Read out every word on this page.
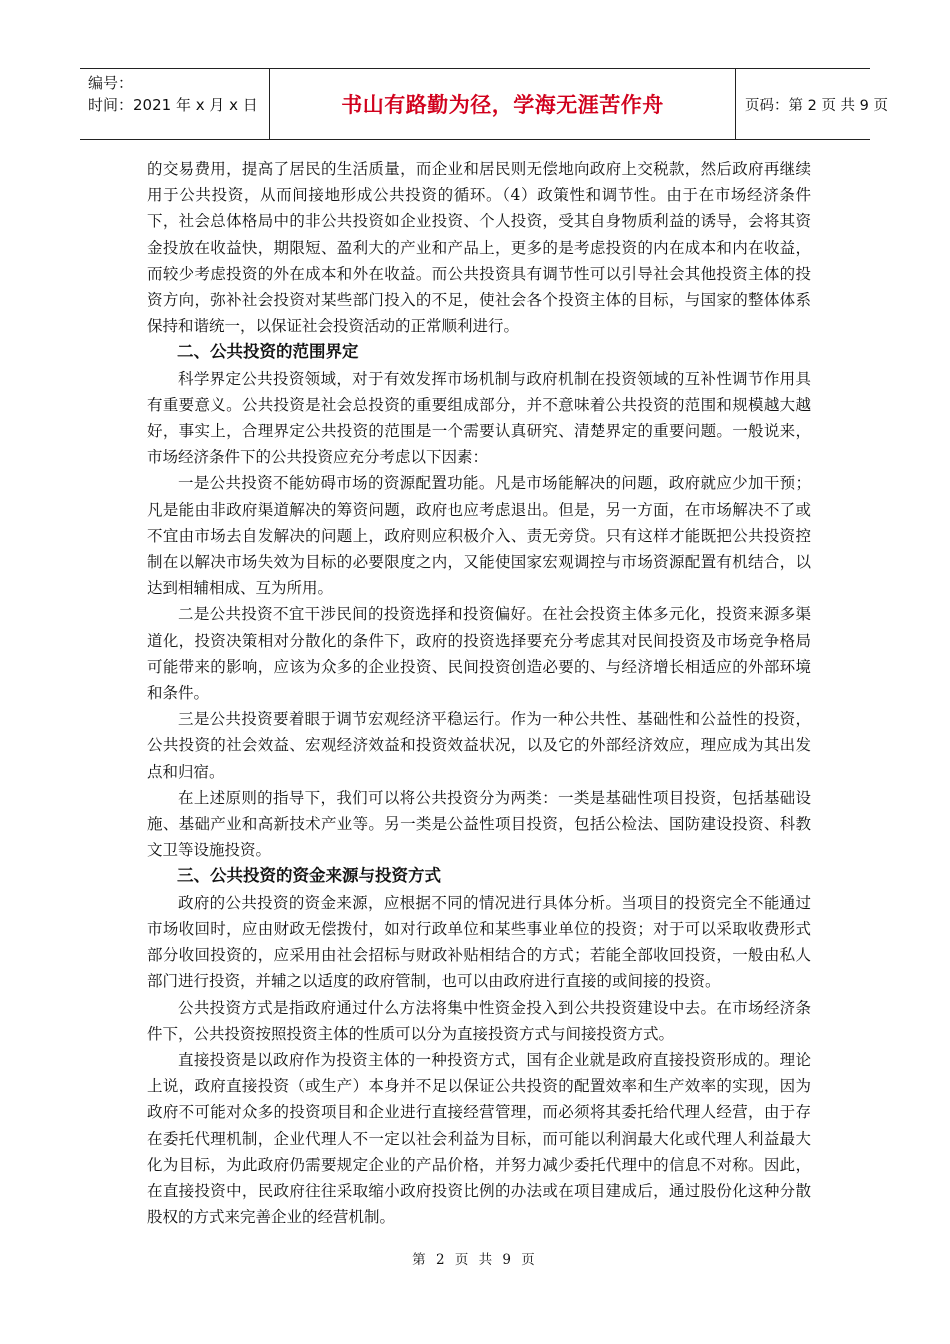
编号：
时间：2021 年 x 月 x 日	书山有路勤为径，学海无涯苦作舟	页码：第 2 页 共 9 页

的交易费用，提高了居民的生活质量，而企业和居民则无偿地向政府上交税款，然后政府再继续用于公共投资，从而间接地形成公共投资的循环。（4）政策性和调节性。由于在市场经济条件下，社会总体格局中的非公共投资如企业投资、个人投资，受其自身物质利益的诱导，会将其资金投放在收益快，期限短、盈利大的产业和产品上，更多的是考虑投资的内在成本和内在收益，而较少考虑投资的外在成本和外在收益。而公共投资具有调节性可以引导社会其他投资主体的投资方向，弥补社会投资对某些部门投入的不足，使社会各个投资主体的目标，与国家的整体体系保持和谐统一，以保证社会投资活动的正常顺利进行。

二、公共投资的范围界定

科学界定公共投资领域，对于有效发挥市场机制与政府机制在投资领域的互补性调节作用具有重要意义。公共投资是社会总投资的重要组成部分，并不意味着公共投资的范围和规模越大越好，事实上，合理界定公共投资的范围是一个需要认真研究、清楚界定的重要问题。一般说来，市场经济条件下的公共投资应充分考虑以下因素：

一是公共投资不能妨碍市场的资源配置功能。凡是市场能解决的问题，政府就应少加干预；凡是能由非政府渠道解决的筹资问题，政府也应考虑退出。但是，另一方面，在市场解决不了或不宜由市场去自发解决的问题上，政府则应积极介入、责无旁贷。只有这样才能既把公共投资控制在以解决市场失效为目标的必要限度之内，又能使国家宏观调控与市场资源配置有机结合，以达到相辅相成、互为所用。

二是公共投资不宜干涉民间的投资选择和投资偏好。在社会投资主体多元化，投资来源多渠道化，投资决策相对分散化的条件下，政府的投资选择要充分考虑其对民间投资及市场竞争格局可能带来的影响，应该为众多的企业投资、民间投资创造必要的、与经济增长相适应的外部环境和条件。

三是公共投资要着眼于调节宏观经济平稳运行。作为一种公共性、基础性和公益性的投资，公共投资的社会效益、宏观经济效益和投资效益状况，以及它的外部经济效应，理应成为其出发点和归宿。

在上述原则的指导下，我们可以将公共投资分为两类：一类是基础性项目投资，包括基础设施、基础产业和高新技术产业等。另一类是公益性项目投资，包括公检法、国防建设投资、科教文卫等设施投资。

三、公共投资的资金来源与投资方式

政府的公共投资的资金来源，应根据不同的情况进行具体分析。当项目的投资完全不能通过市场收回时，应由财政无偿拨付，如对行政单位和某些事业单位的投资；对于可以采取收费形式部分收回投资的，应采用由社会招标与财政补贴相结合的方式；若能全部收回投资，一般由私人部门进行投资，并辅之以适度的政府管制，也可以由政府进行直接的或间接的投资。

公共投资方式是指政府通过什么方法将集中性资金投入到公共投资建设中去。在市场经济条件下，公共投资按照投资主体的性质可以分为直接投资方式与间接投资方式。

直接投资是以政府作为投资主体的一种投资方式，国有企业就是政府直接投资形成的。理论上说，政府直接投资（或生产）本身并不足以保证公共投资的配置效率和生产效率的实现，因为政府不可能对众多的投资项目和企业进行直接经营管理，而必须将其委托给代理人经营，由于存在委托代理机制，企业代理人不一定以社会利益为目标，而可能以利润最大化或代理人利益最大化为目标，为此政府仍需要规定企业的产品价格，并努力减少委托代理中的信息不对称。因此，在直接投资中，民政府往往采取缩小政府投资比例的办法或在项目建成后，通过股份化这种分散股权的方式来完善企业的经营机制。

第 2 页 共 9 页
